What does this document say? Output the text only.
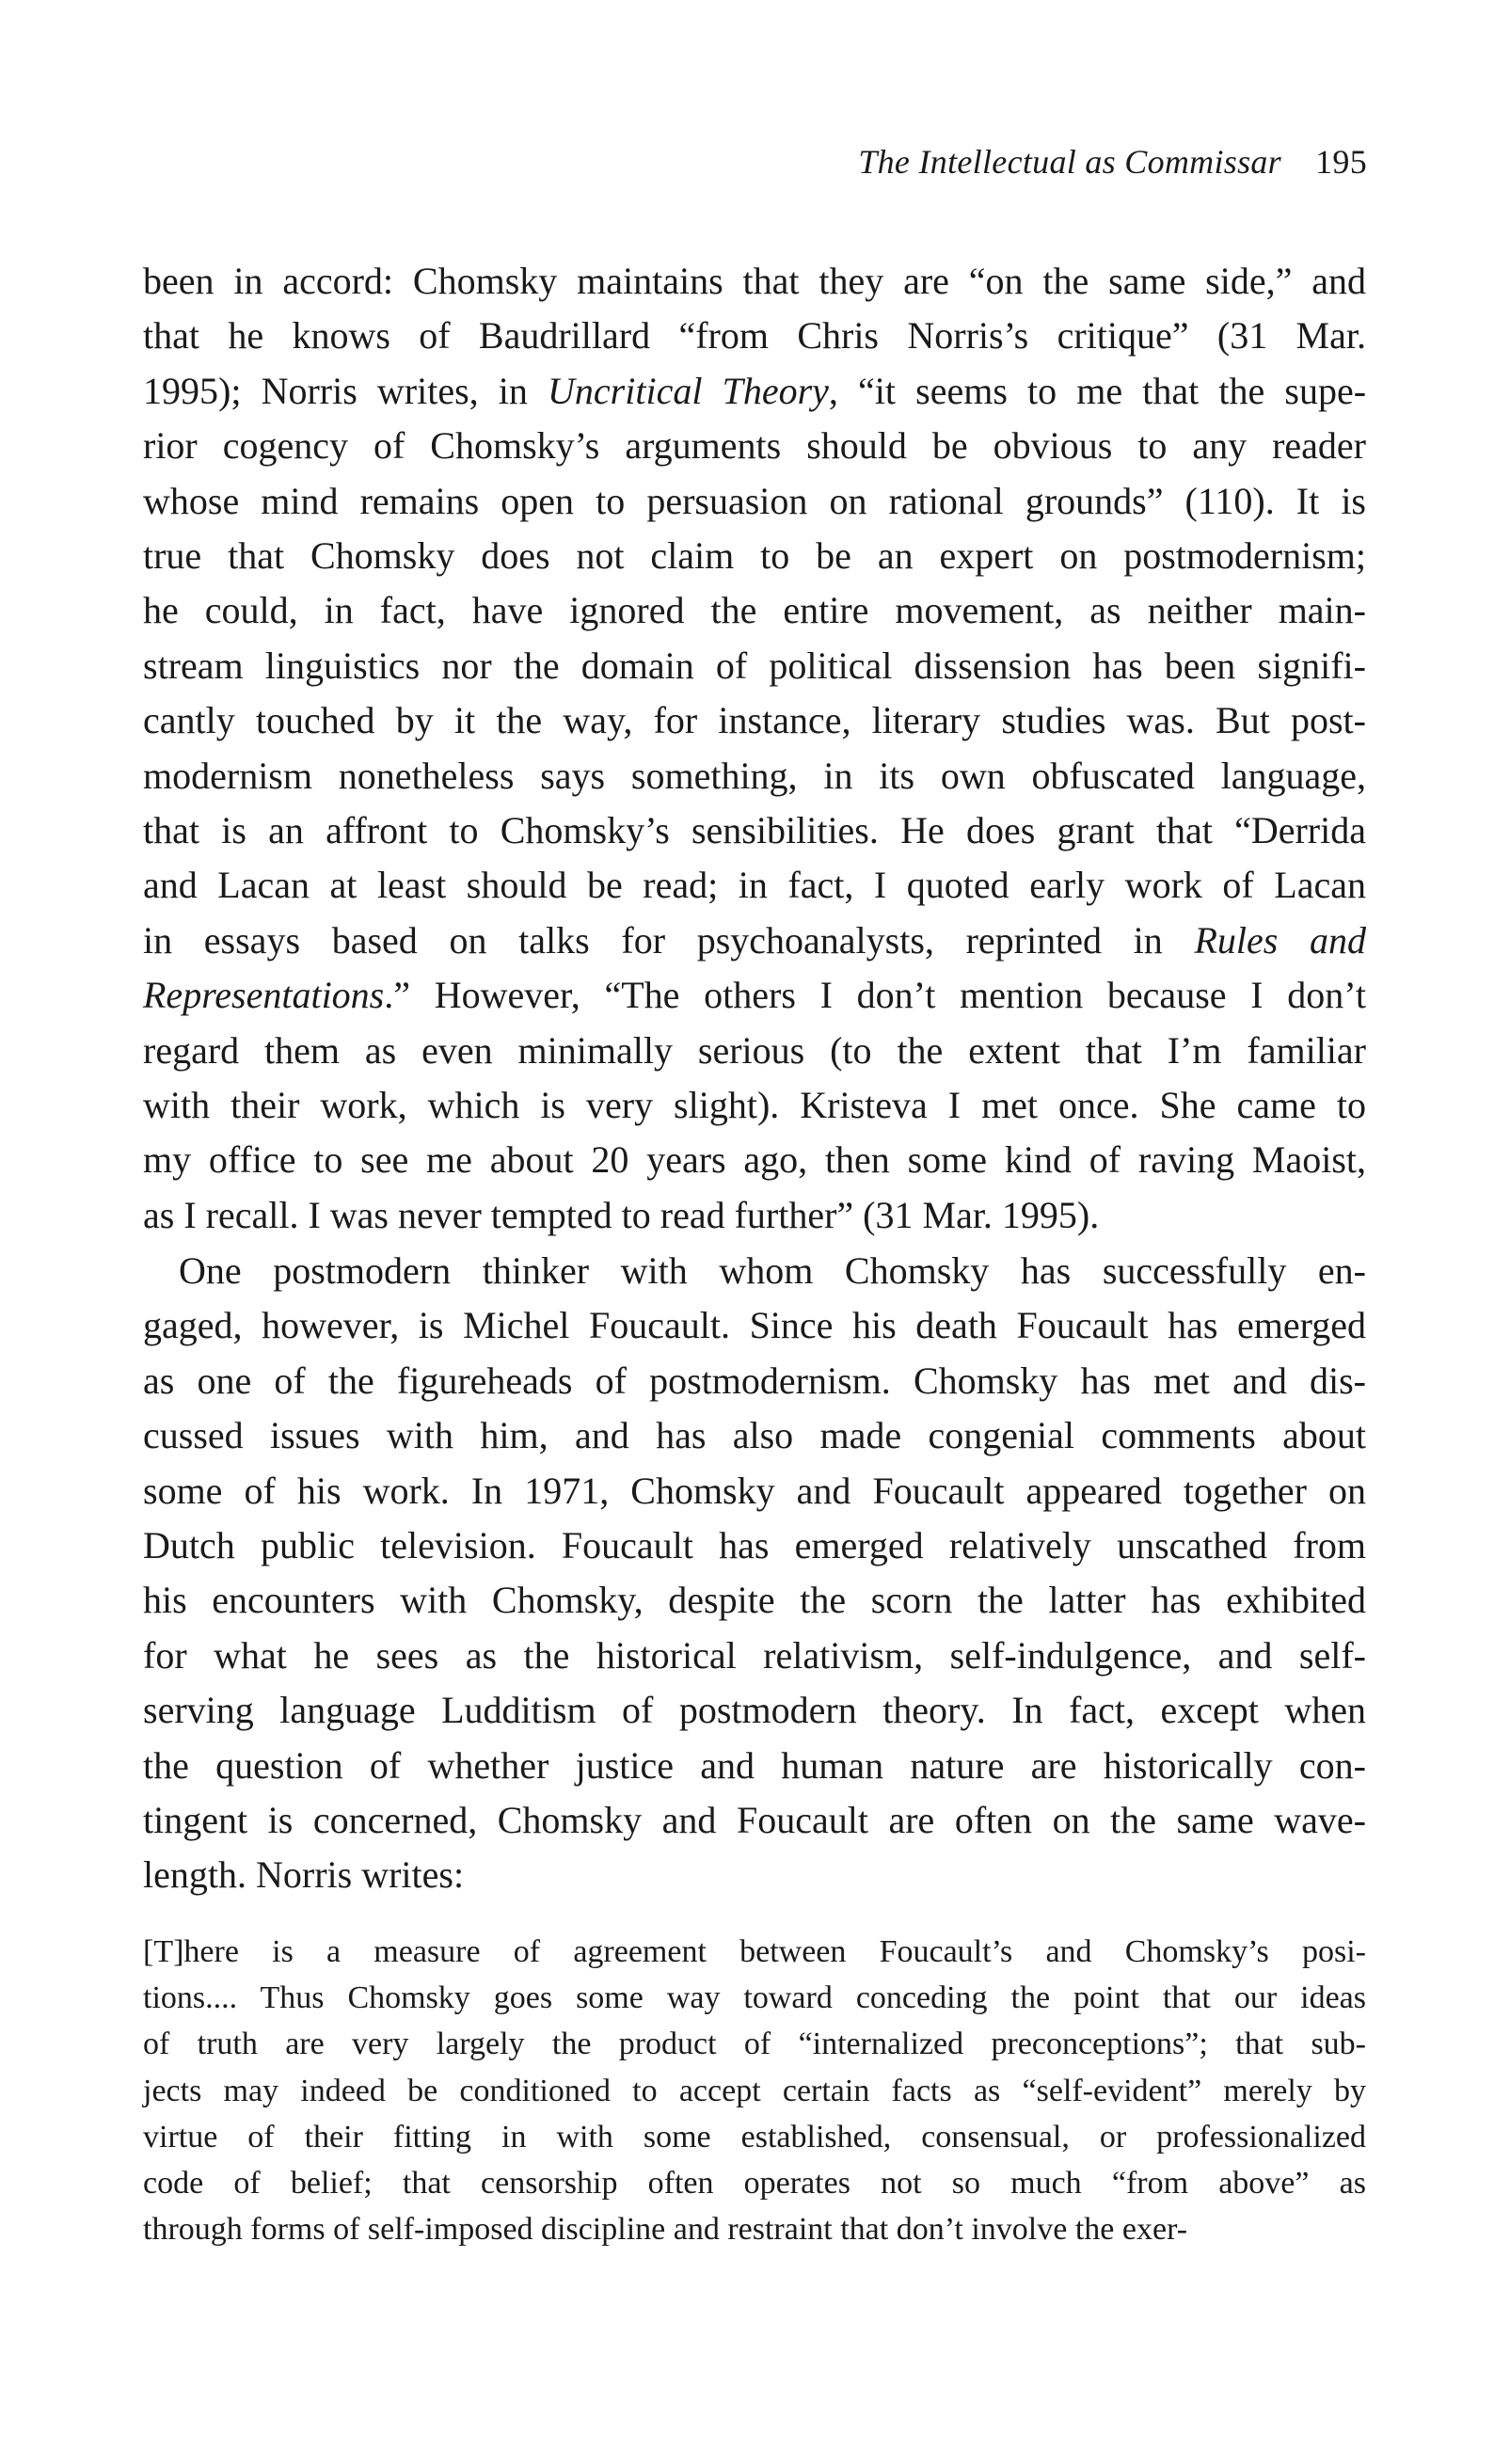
The Intellectual as Commissar 195
been in accord: Chomsky maintains that they are “on the same side,” and
that he knows of Baudrillard “from Chris Norris’s critique” (31 Mar.
1995); Norris writes, in Uncritical Theory, “it seems to me that the supe-
rior cogency of Chomsky’s arguments should be obvious to any reader
whose mind remains open to persuasion on rational grounds” (110). It is
true that Chomsky does not claim to be an expert on postmodernism;
he could, in fact, have ignored the entire movement, as neither main-
stream linguistics nor the domain of political dissension has been signifi-
cantly touched by it the way, for instance, literary studies was. But post-
modernism nonetheless says something, in its own obfuscated language,
that is an affront to Chomsky’s sensibilities. He does grant that “Derrida
and Lacan at least should be read; in fact, I quoted early work of Lacan
in essays based on talks for psychoanalysts, reprinted in Rules and
Representations.” However, “The others I don’t mention because I don’t
regard them as even minimally serious (to the extent that I’m familiar
with their work, which is very slight). Kristeva I met once. She came to
my office to see me about 20 years ago, then some kind of raving Maoist,
as I recall. I was never tempted to read further” (31 Mar. 1995).
One postmodern thinker with whom Chomsky has successfully en-
gaged, however, is Michel Foucault. Since his death Foucault has emerged
as one of the figureheads of postmodernism. Chomsky has met and dis-
cussed issues with him, and has also made congenial comments about
some of his work. In 1971, Chomsky and Foucault appeared together on
Dutch public television. Foucault has emerged relatively unscathed from
his encounters with Chomsky, despite the scorn the latter has exhibited
for what he sees as the historical relativism, self-indulgence, and self-
serving language Ludditism of postmodern theory. In fact, except when
the question of whether justice and human nature are historically con-
tingent is concerned, Chomsky and Foucault are often on the same wave-
length. Norris writes:
[T]here is a measure of agreement between Foucault’s and Chomsky’s posi-
tions.... Thus Chomsky goes some way toward conceding the point that our ideas
of truth are very largely the product of “internalized preconceptions”; that sub-
jects may indeed be conditioned to accept certain facts as “self-evident” merely by
virtue of their fitting in with some established, consensual, or professionalized
code of belief; that censorship often operates not so much “from above” as
through forms of self-imposed discipline and restraint that don’t involve the exer-
